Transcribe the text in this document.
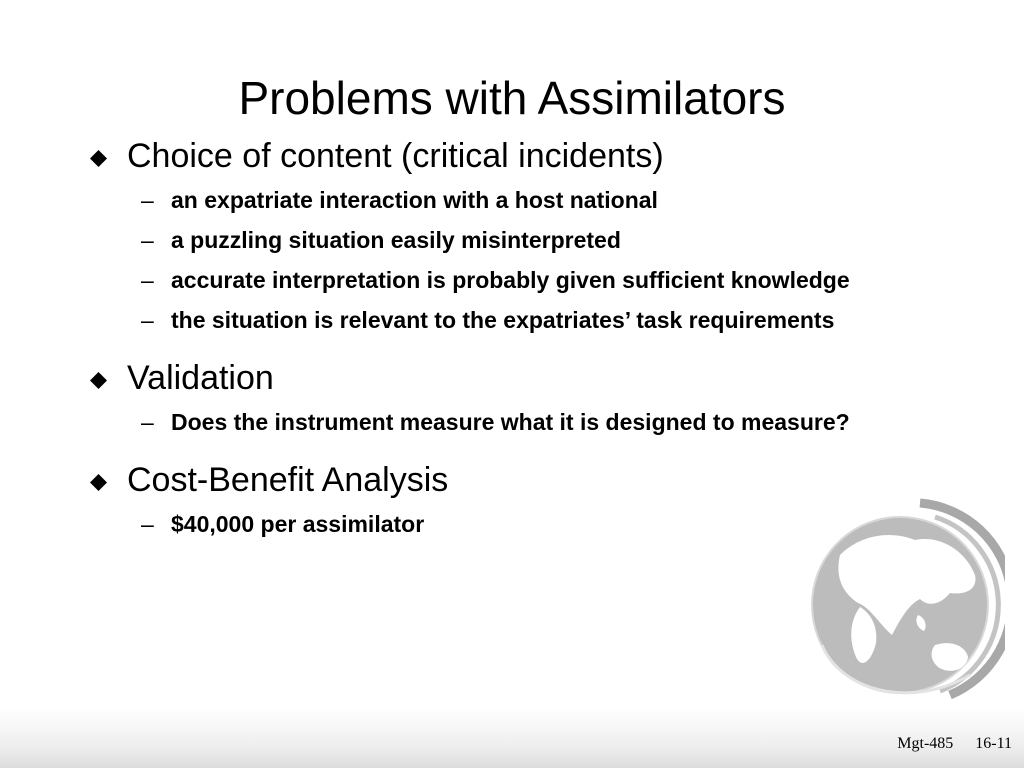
Problems with Assimilators
Choice of content (critical incidents)
– an expatriate interaction with a host national
– a puzzling situation easily misinterpreted
– accurate interpretation is probably given sufficient knowledge
– the situation is relevant to the expatriates’ task requirements
Validation
– Does the instrument measure what it is designed to measure?
Cost-Benefit Analysis
– $40,000 per assimilator
Mgt-485 16-11
